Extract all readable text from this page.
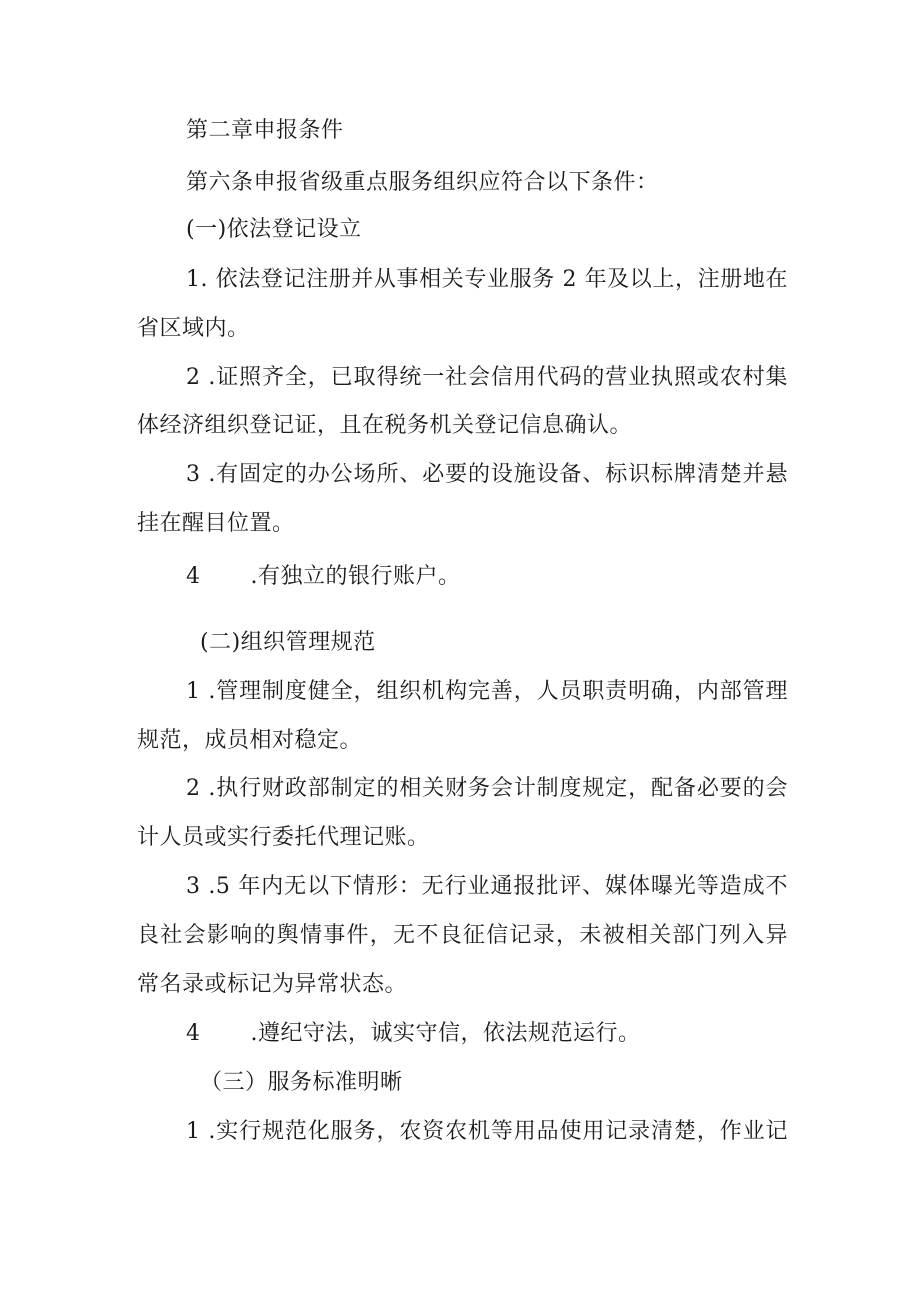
第二章申报条件
第六条申报省级重点服务组织应符合以下条件：
(一)依法登记设立
1. 依法登记注册并从事相关专业服务 2 年及以上，注册地在
省区域内。
2 .证照齐全，已取得统一社会信用代码的营业执照或农村集
体经济组织登记证，且在税务机关登记信息确认。
3 .有固定的办公场所、必要的设施设备、标识标牌清楚并悬
挂在醒目位置。
4 .有独立的银行账户。
(二)组织管理规范
1 .管理制度健全，组织机构完善，人员职责明确，内部管理
规范，成员相对稳定。
2 .执行财政部制定的相关财务会计制度规定，配备必要的会
计人员或实行委托代理记账。
3 .5 年内无以下情形：无行业通报批评、媒体曝光等造成不
良社会影响的舆情事件，无不良征信记录，未被相关部门列入异
常名录或标记为异常状态。
4 .遵纪守法，诚实守信，依法规范运行。
（三）服务标准明晰
1 .实行规范化服务，农资农机等用品使用记录清楚，作业记
